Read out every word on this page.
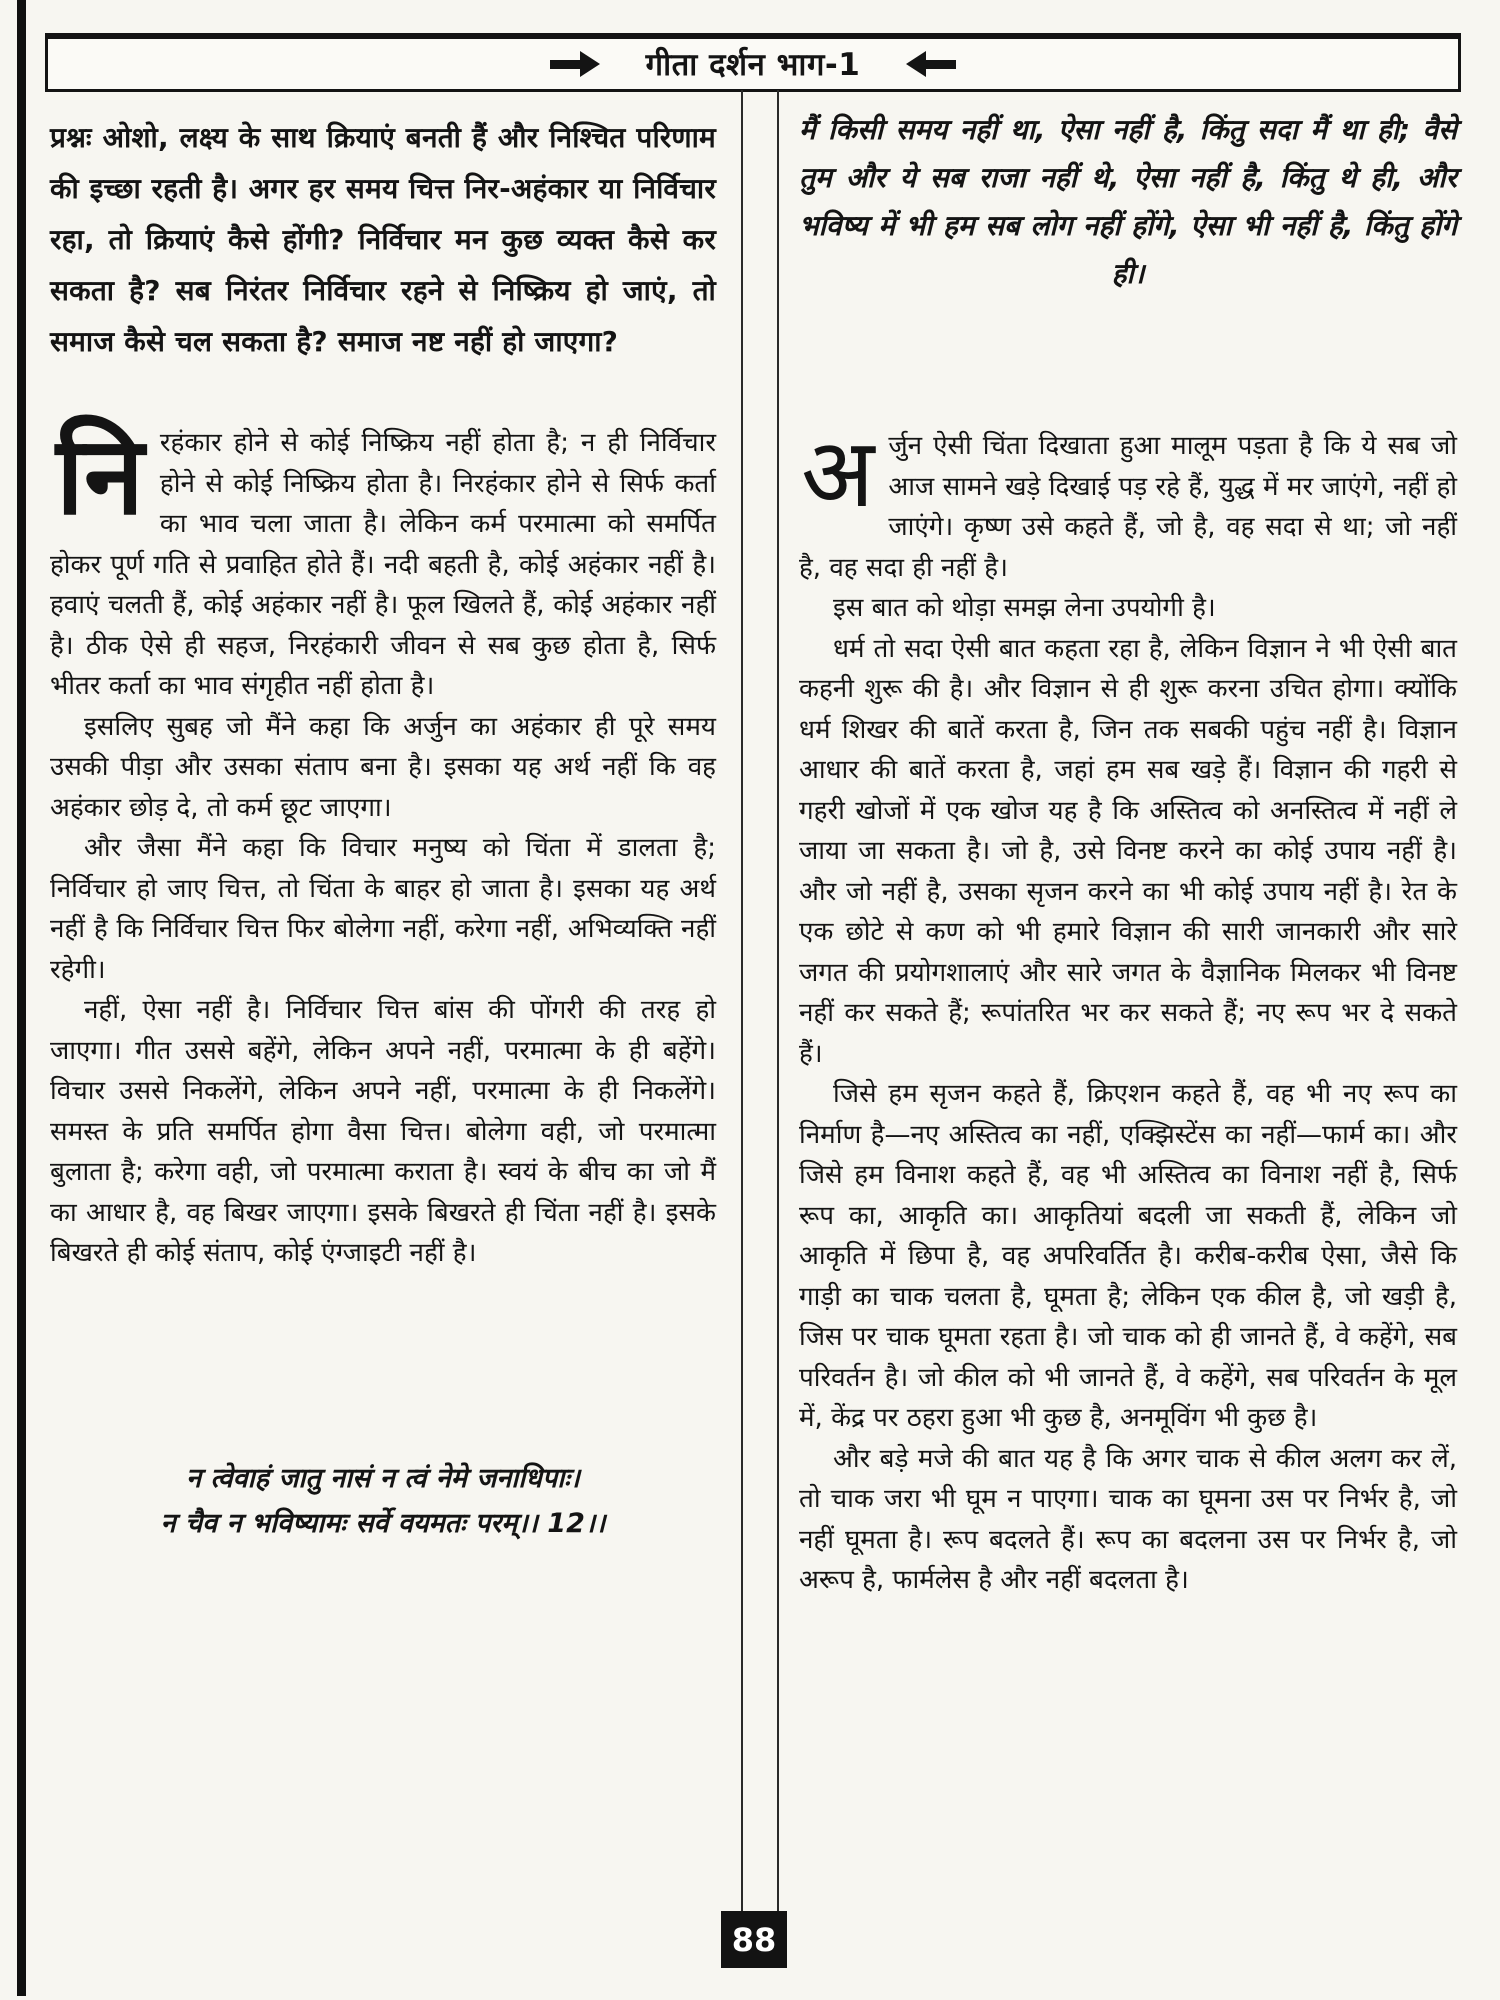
गीता दर्शन भाग-1
प्रश्नः ओशो, लक्ष्य के साथ क्रियाएं बनती हैं और निश्चित परिणाम की इच्छा रहती है। अगर हर समय चित्त निर-अहंकार या निर्विचार रहा, तो क्रियाएं कैसे होंगी? निर्विचार मन कुछ व्यक्त कैसे कर सकता है? सब निरंतर निर्विचार रहने से निष्क्रिय हो जाएं, तो समाज कैसे चल सकता है? समाज नष्ट नहीं हो जाएगा?

निरहंकार होने से कोई निष्क्रिय नहीं होता है; न ही निर्विचार होने से कोई निष्क्रिय होता है। निरहंकार होने से सिर्फ कर्ता का भाव चला जाता है। लेकिन कर्म परमात्मा को समर्पित होकर पूर्ण गति से प्रवाहित होते हैं। नदी बहती है, कोई अहंकार नहीं है। हवाएं चलती हैं, कोई अहंकार नहीं है। फूल खिलते हैं, कोई अहंकार नहीं है। ठीक ऐसे ही सहज, निरहंकारी जीवन से सब कुछ होता है, सिर्फ भीतर कर्ता का भाव संगृहीत नहीं होता है।

इसलिए सुबह जो मैंने कहा कि अर्जुन का अहंकार ही पूरे समय उसकी पीड़ा और उसका संताप बना है। इसका यह अर्थ नहीं कि वह अहंकार छोड़ दे, तो कर्म छूट जाएगा।

और जैसा मैंने कहा कि विचार मनुष्य को चिंता में डालता है; निर्विचार हो जाए चित्त, तो चिंता के बाहर हो जाता है। इसका यह अर्थ नहीं है कि निर्विचार चित्त फिर बोलेगा नहीं, करेगा नहीं, अभिव्यक्ति नहीं रहेगी।

नहीं, ऐसा नहीं है। निर्विचार चित्त बांस की पोंगरी की तरह हो जाएगा। गीत उससे बहेंगे, लेकिन अपने नहीं, परमात्मा के ही बहेंगे। विचार उससे निकलेंगे, लेकिन अपने नहीं, परमात्मा के ही निकलेंगे। समस्त के प्रति समर्पित होगा वैसा चित्त। बोलेगा वही, जो परमात्मा बुलाता है; करेगा वही, जो परमात्मा कराता है। स्वयं के बीच का जो मैं का आधार है, वह बिखर जाएगा। इसके बिखरते ही चिंता नहीं है। इसके बिखरते ही कोई संताप, कोई एंग्जाइटी नहीं है।

न त्वेवाहं जातु नासं न त्वं नेमे जनाधिपाः।
न चैव न भविष्यामः सर्वे वयमतः परम्।। 12।।
मैं किसी समय नहीं था, ऐसा नहीं है, किंतु सदा मैं था ही; वैसे तुम और ये सब राजा नहीं थे, ऐसा नहीं है, किंतु थे ही, और भविष्य में भी हम सब लोग नहीं होंगे, ऐसा भी नहीं है, किंतु होंगे ही।

अर्जुन ऐसी चिंता दिखाता हुआ मालूम पड़ता है कि ये सब जो आज सामने खड़े दिखाई पड़ रहे हैं, युद्ध में मर जाएंगे, नहीं हो जाएंगे। कृष्ण उसे कहते हैं, जो है, वह सदा से था; जो नहीं है, वह सदा ही नहीं है।

इस बात को थोड़ा समझ लेना उपयोगी है।

धर्म तो सदा ऐसी बात कहता रहा है, लेकिन विज्ञान ने भी ऐसी बात कहनी शुरू की है। और विज्ञान से ही शुरू करना उचित होगा। क्योंकि धर्म शिखर की बातें करता है, जिन तक सबकी पहुंच नहीं है। विज्ञान आधार की बातें करता है, जहां हम सब खड़े हैं। विज्ञान की गहरी से गहरी खोजों में एक खोज यह है कि अस्तित्व को अनस्तित्व में नहीं ले जाया जा सकता है। जो है, उसे विनष्ट करने का कोई उपाय नहीं है। और जो नहीं है, उसका सृजन करने का भी कोई उपाय नहीं है। रेत के एक छोटे से कण को भी हमारे विज्ञान की सारी जानकारी और सारे जगत की प्रयोगशालाएं और सारे जगत के वैज्ञानिक मिलकर भी विनष्ट नहीं कर सकते हैं; रूपांतरित भर कर सकते हैं; नए रूप भर दे सकते हैं।

जिसे हम सृजन कहते हैं, क्रिएशन कहते हैं, वह भी नए रूप का निर्माण है—नए अस्तित्व का नहीं, एक्झिस्टेंस का नहीं—फार्म का। और जिसे हम विनाश कहते हैं, वह भी अस्तित्व का विनाश नहीं है, सिर्फ रूप का, आकृति का। आकृतियां बदली जा सकती हैं, लेकिन जो आकृति में छिपा है, वह अपरिवर्तित है। करीब-करीब ऐसा, जैसे कि गाड़ी का चाक चलता है, घूमता है; लेकिन एक कील है, जो खड़ी है, जिस पर चाक घूमता रहता है। जो चाक को ही जानते हैं, वे कहेंगे, सब परिवर्तन है। जो कील को भी जानते हैं, वे कहेंगे, सब परिवर्तन के मूल में, केंद्र पर ठहरा हुआ भी कुछ है, अनमूविंग भी कुछ है।

और बड़े मजे की बात यह है कि अगर चाक से कील अलग कर लें, तो चाक जरा भी घूम न पाएगा। चाक का घूमना उस पर निर्भर है, जो नहीं घूमता है। रूप बदलते हैं। रूप का बदलना उस पर निर्भर है, जो अरूप है, फार्मलेस है और नहीं बदलता है।

88
